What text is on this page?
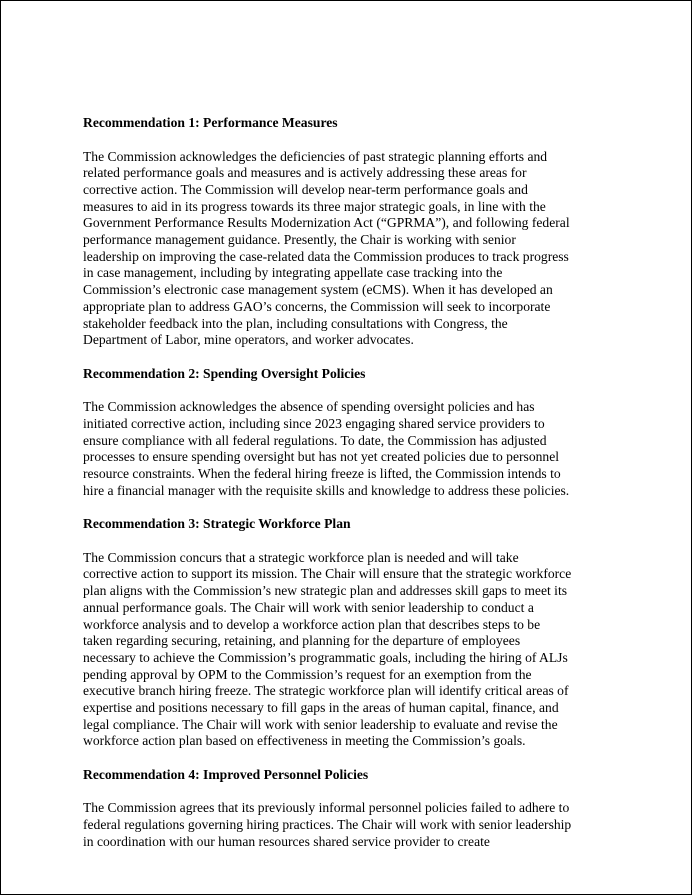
Recommendation 1: Performance Measures
The Commission acknowledges the deficiencies of past strategic planning efforts and
related performance goals and measures and is actively addressing these areas for
corrective action. The Commission will develop near-term performance goals and
measures to aid in its progress towards its three major strategic goals, in line with the
Government Performance Results Modernization Act (“GPRMA”), and following federal
performance management guidance. Presently, the Chair is working with senior
leadership on improving the case-related data the Commission produces to track progress
in case management, including by integrating appellate case tracking into the
Commission’s electronic case management system (eCMS). When it has developed an
appropriate plan to address GAO’s concerns, the Commission will seek to incorporate
stakeholder feedback into the plan, including consultations with Congress, the
Department of Labor, mine operators, and worker advocates.
Recommendation 2: Spending Oversight Policies
The Commission acknowledges the absence of spending oversight policies and has
initiated corrective action, including since 2023 engaging shared service providers to
ensure compliance with all federal regulations. To date, the Commission has adjusted
processes to ensure spending oversight but has not yet created policies due to personnel
resource constraints. When the federal hiring freeze is lifted, the Commission intends to
hire a financial manager with the requisite skills and knowledge to address these policies.
Recommendation 3: Strategic Workforce Plan
The Commission concurs that a strategic workforce plan is needed and will take
corrective action to support its mission. The Chair will ensure that the strategic workforce
plan aligns with the Commission’s new strategic plan and addresses skill gaps to meet its
annual performance goals. The Chair will work with senior leadership to conduct a
workforce analysis and to develop a workforce action plan that describes steps to be
taken regarding securing, retaining, and planning for the departure of employees
necessary to achieve the Commission’s programmatic goals, including the hiring of ALJs
pending approval by OPM to the Commission’s request for an exemption from the
executive branch hiring freeze. The strategic workforce plan will identify critical areas of
expertise and positions necessary to fill gaps in the areas of human capital, finance, and
legal compliance. The Chair will work with senior leadership to evaluate and revise the
workforce action plan based on effectiveness in meeting the Commission’s goals.
Recommendation 4: Improved Personnel Policies
The Commission agrees that its previously informal personnel policies failed to adhere to
federal regulations governing hiring practices. The Chair will work with senior leadership
in coordination with our human resources shared service provider to create
